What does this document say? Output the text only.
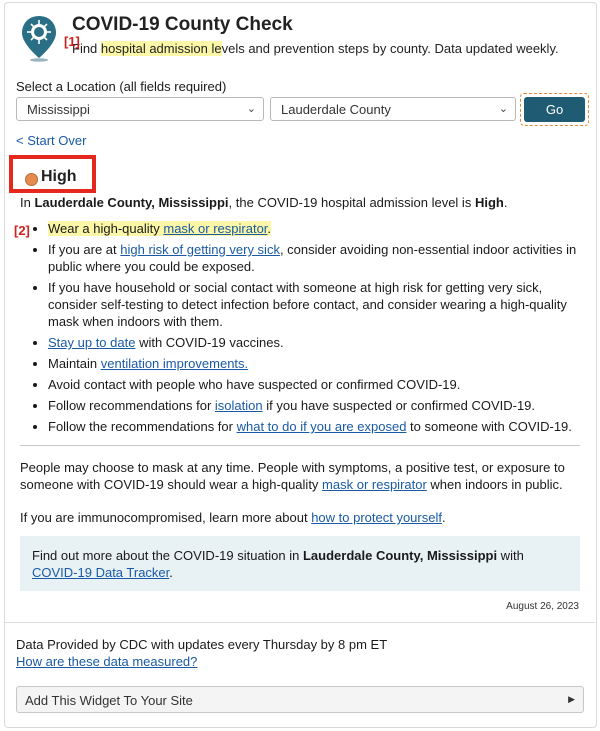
COVID-19 County Check
Find hospital admission levels and prevention steps by county. Data updated weekly.
[1]
Select a Location (all fields required)
Mississippi	⌄	Lauderdale County	⌄	Go
< Start Over
High
In Lauderdale County, Mississippi, the COVID-19 hospital admission level is High.
[2]
• Wear a high-quality mask or respirator.
• If you are at high risk of getting very sick, consider avoiding non-essential indoor activities in public where you could be exposed.
• If you have household or social contact with someone at high risk for getting very sick, consider self-testing to detect infection before contact, and consider wearing a high-quality mask when indoors with them.
• Stay up to date with COVID-19 vaccines.
• Maintain ventilation improvements.
• Avoid contact with people who have suspected or confirmed COVID-19.
• Follow recommendations for isolation if you have suspected or confirmed COVID-19.
• Follow the recommendations for what to do if you are exposed to someone with COVID-19.
People may choose to mask at any time. People with symptoms, a positive test, or exposure to someone with COVID-19 should wear a high-quality mask or respirator when indoors in public.
If you are immunocompromised, learn more about how to protect yourself.
Find out more about the COVID-19 situation in Lauderdale County, Mississippi with COVID-19 Data Tracker.
August 26, 2023
Data Provided by CDC with updates every Thursday by 8 pm ET
How are these data measured?
Add This Widget To Your Site	▶
